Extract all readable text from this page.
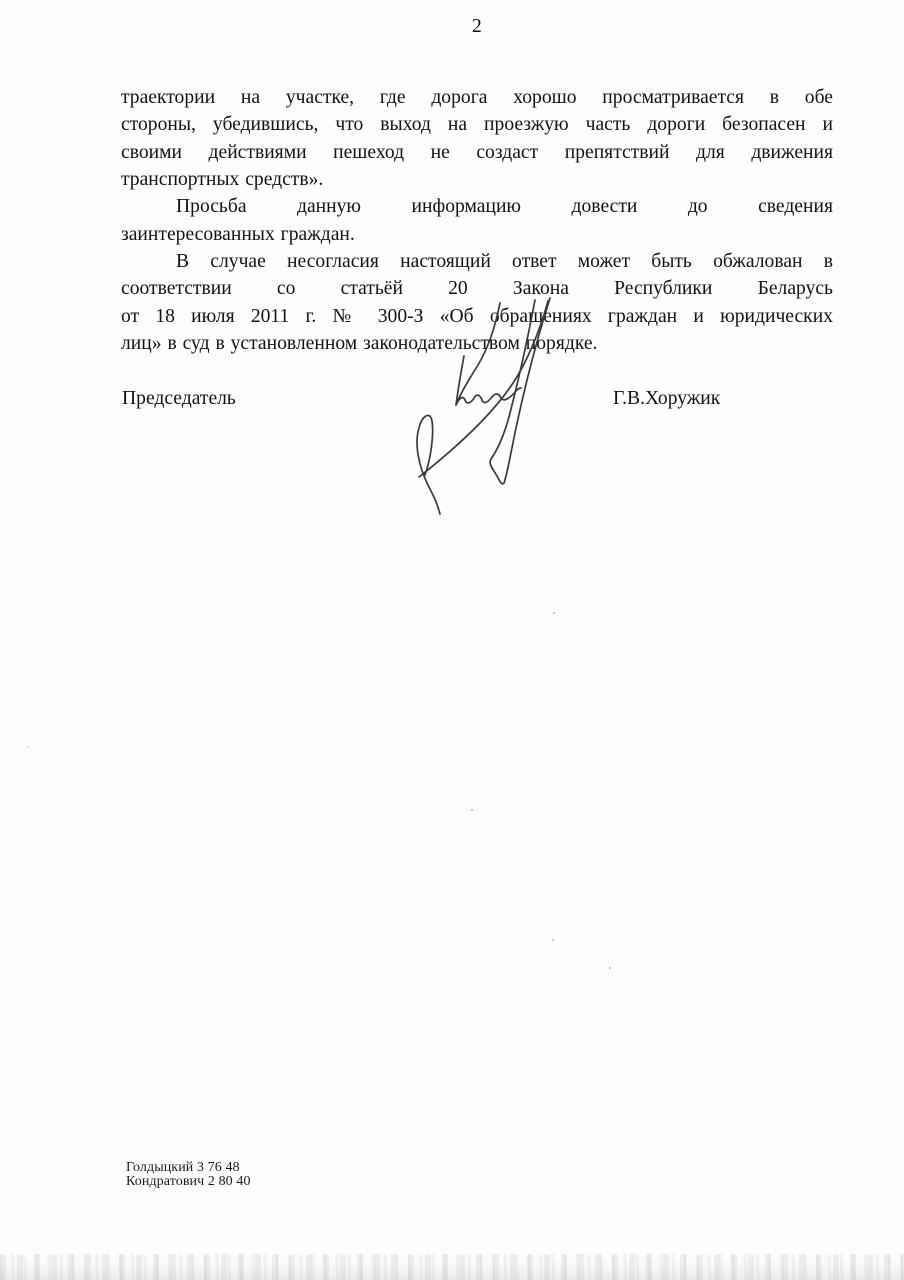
2
траектории на участке, где дорога хорошо просматривается в обе
стороны, убедившись, что выход на проезжую часть дороги безопасен и
своими действиями пешеход не создаст препятствий для движения
транспортных средств».
Просьба данную информацию довести до сведения
заинтересованных граждан.
В случае несогласия настоящий ответ может быть обжалован в
соответствии со статьёй 20 Закона Республики Беларусь
от 18 июля 2011 г. № 300-З «Об обращениях граждан и юридических
лиц» в суд в установленном законодательством порядке.
Председатель	Г.В.Хоружик
Голдыцкий 3 76 48
Кондратович 2 80 40
